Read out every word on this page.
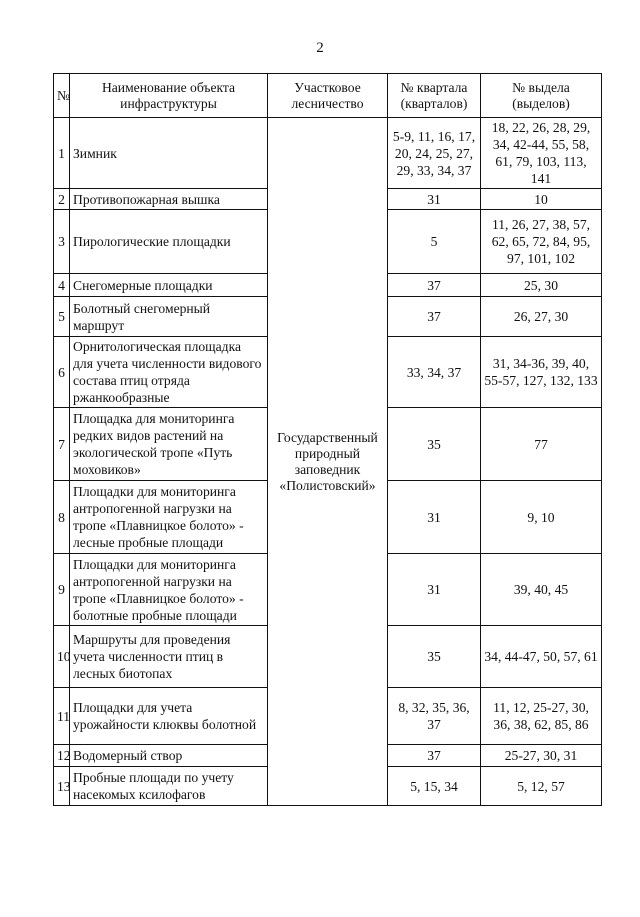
2
№	Наименование объекта инфраструктуры	Участковое лесничество	№ квартала (кварталов)	№ выдела (выделов)
1	Зимник	Государственный природный заповедник «Полистовский»	5-9, 11, 16, 17, 20, 24, 25, 27, 29, 33, 34, 37	18, 22, 26, 28, 29, 34, 42-44, 55, 58, 61, 79, 103, 113, 141
2	Противопожарная вышка		31	10
3	Пирологические площадки		5	11, 26, 27, 38, 57, 62, 65, 72, 84, 95, 97, 101, 102
4	Снегомерные площадки		37	25, 30
5	Болотный снегомерный маршрут		37	26, 27, 30
6	Орнитологическая площадка для учета численности видового состава птиц отряда ржанкообразные		33, 34, 37	31, 34-36, 39, 40, 55-57, 127, 132, 133
7	Площадка для мониторинга редких видов растений на экологической тропе «Путь моховиков»		35	77
8	Площадки для мониторинга антропогенной нагрузки на тропе «Плавницкое болото» - лесные пробные площади		31	9, 10
9	Площадки для мониторинга антропогенной нагрузки на тропе «Плавницкое болото» - болотные пробные площади		31	39, 40, 45
10	Маршруты для проведения учета численности птиц в лесных биотопах		35	34, 44-47, 50, 57, 61
11	Площадки для учета урожайности клюквы болотной		8, 32, 35, 36, 37	11, 12, 25-27, 30, 36, 38, 62, 85, 86
12	Водомерный створ		37	25-27, 30, 31
13	Пробные площади по учету насекомых ксилофагов		5, 15, 34	5, 12, 57
